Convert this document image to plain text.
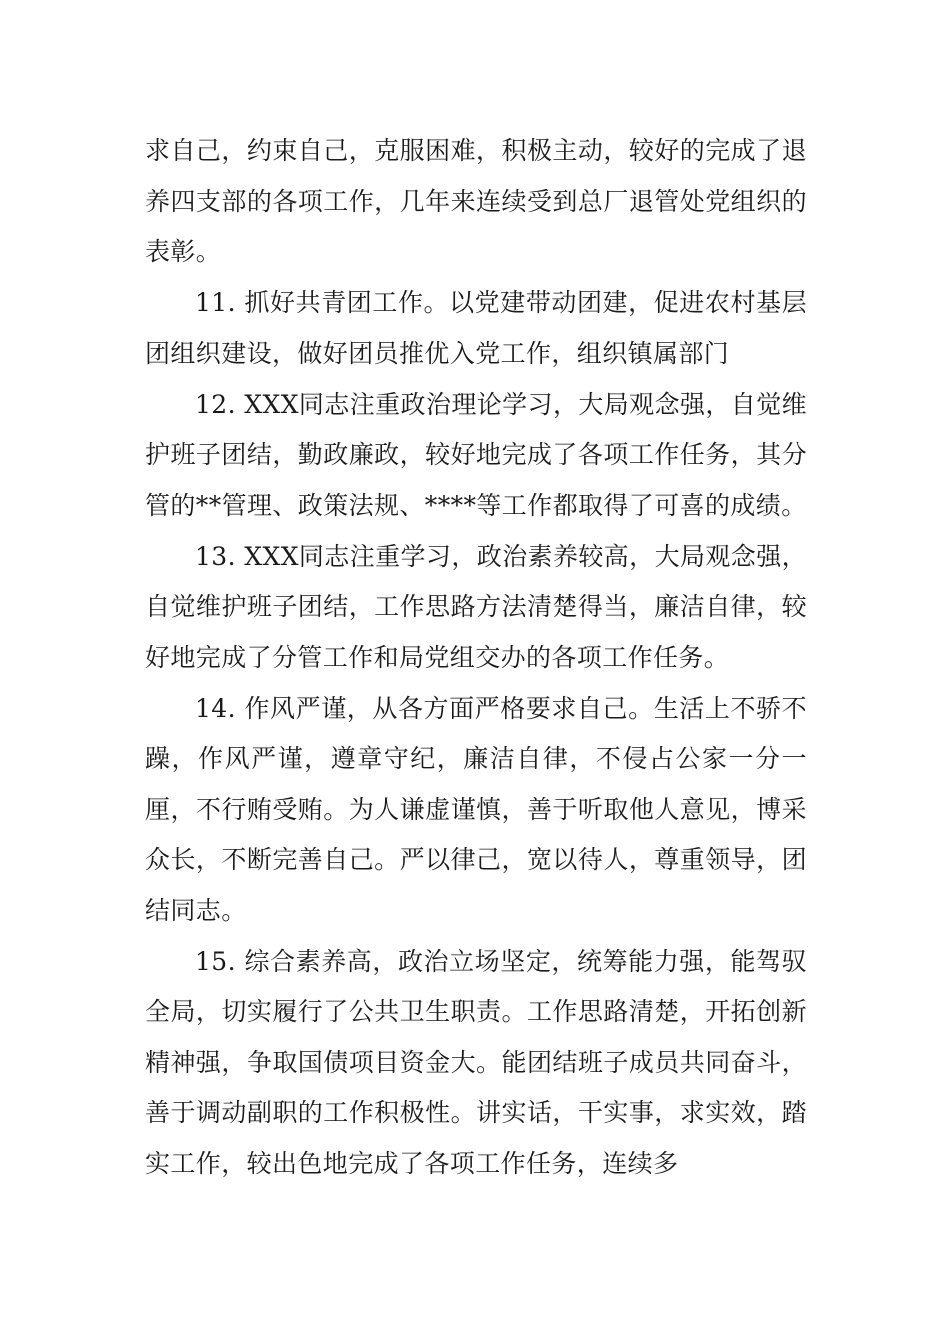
求自己，约束自己，克服困难，积极主动，较好的完成了退养四支部的各项工作，几年来连续受到总厂退管处党组织的表彰。

11. 抓好共青团工作。以党建带动团建，促进农村基层团组织建设，做好团员推优入党工作，组织镇属部门

12. XXX同志注重政治理论学习，大局观念强，自觉维护班子团结，勤政廉政，较好地完成了各项工作任务，其分管的**管理、政策法规、****等工作都取得了可喜的成绩。

13. XXX同志注重学习，政治素养较高，大局观念强，自觉维护班子团结，工作思路方法清楚得当，廉洁自律，较好地完成了分管工作和局党组交办的各项工作任务。

14. 作风严谨，从各方面严格要求自己。生活上不骄不躁，作风严谨，遵章守纪，廉洁自律，不侵占公家一分一厘，不行贿受贿。为人谦虚谨慎，善于听取他人意见，博采众长，不断完善自己。严以律己，宽以待人，尊重领导，团结同志。

15. 综合素养高，政治立场坚定，统筹能力强，能驾驭全局，切实履行了公共卫生职责。工作思路清楚，开拓创新精神强，争取国债项目资金大。能团结班子成员共同奋斗，善于调动副职的工作积极性。讲实话，干实事，求实效，踏实工作，较出色地完成了各项工作任务，连续多
